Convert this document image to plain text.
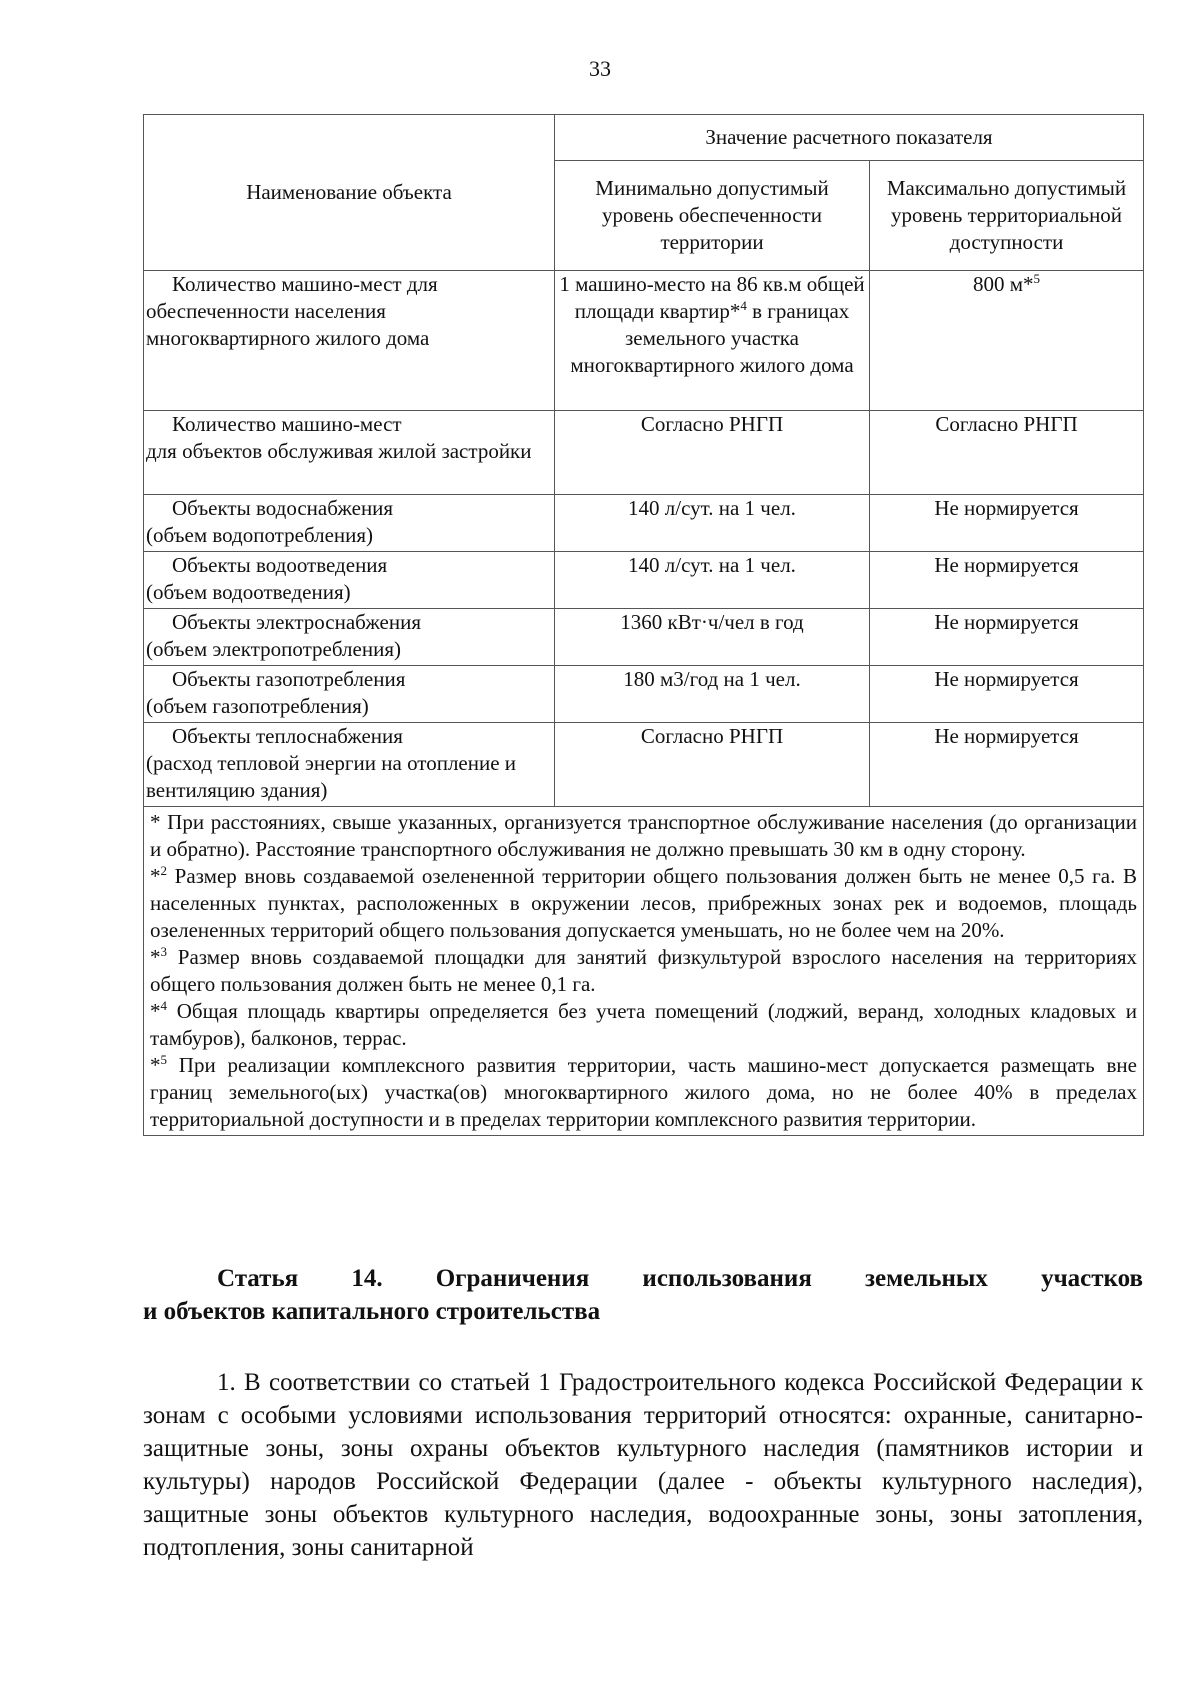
33
Наименование объекта	Значение расчетного показателя	
	Минимально допустимый уровень обеспеченности территории	Максимально допустимый уровень территориальной доступности

Количество машино-мест для
обеспеченности населения многоквартирного жилого дома	1 машино-место на 86 кв.м общей площади квартир*$^4$ в границах земельного участка многоквартирного жилого дома	800 м*$^5$

Количество машино-мест
для объектов обслуживая жилой застройки	Согласно РНГП	Согласно РНГП

Объекты водоснабжения
(объем водопотребления)	140 л/сут. на 1 чел.	Не нормируется

Объекты водоотведения
(объем водоотведения)	140 л/сут. на 1 чел.	Не нормируется

Объекты электроснабжения
(объем электропотребления)	1360 кВт·ч/чел в год	Не нормируется

Объекты газопотребления
(объем газопотребления)	180 м3/год на 1 чел.	Не нормируется

Объекты теплоснабжения
(расход тепловой энергии на отопление и вентиляцию здания)	Согласно РНГП	Не нормируется

* При расстояниях, свыше указанных, организуется транспортное обслуживание населения (до организации и обратно). Расстояние транспортного обслуживания не должно превышать 30 км в одну сторону.

*$^2$ Размер вновь создаваемой озелененной территории общего пользования должен быть не менее 0,5 га. В населенных пунктах, расположенных в окружении лесов, прибрежных зонах рек и водоемов, площадь озелененных территорий общего пользования допускается уменьшать, но не более чем на 20%.

*$^3$ Размер вновь создаваемой площадки для занятий физкультурой взрослого населения на территориях общего пользования должен быть не менее 0,1 га.

*$^4$ Общая площадь квартиры определяется без учета помещений (лоджий, веранд, холодных кладовых и тамбуров), балконов, террас.

*$^5$ При реализации комплексного развития территории, часть машино-мест допускается размещать вне границ земельного(ых) участка(ов) многоквартирного жилого дома, но не более 40% в пределах территориальной доступности и в пределах территории комплексного развития территории.		

Статья 14. Ограничения использования земельных участков
и объектов капитального строительства

1. В соответствии со статьей 1 Градостроительного кодекса Российской Федерации к зонам с особыми условиями использования территорий относятся: охранные, санитарно-защитные зоны, зоны охраны объектов культурного наследия (памятников истории и культуры) народов Российской Федерации (далее - объекты культурного наследия), защитные зоны объектов культурного наследия, водоохранные зоны, зоны затопления, подтопления, зоны санитарной
